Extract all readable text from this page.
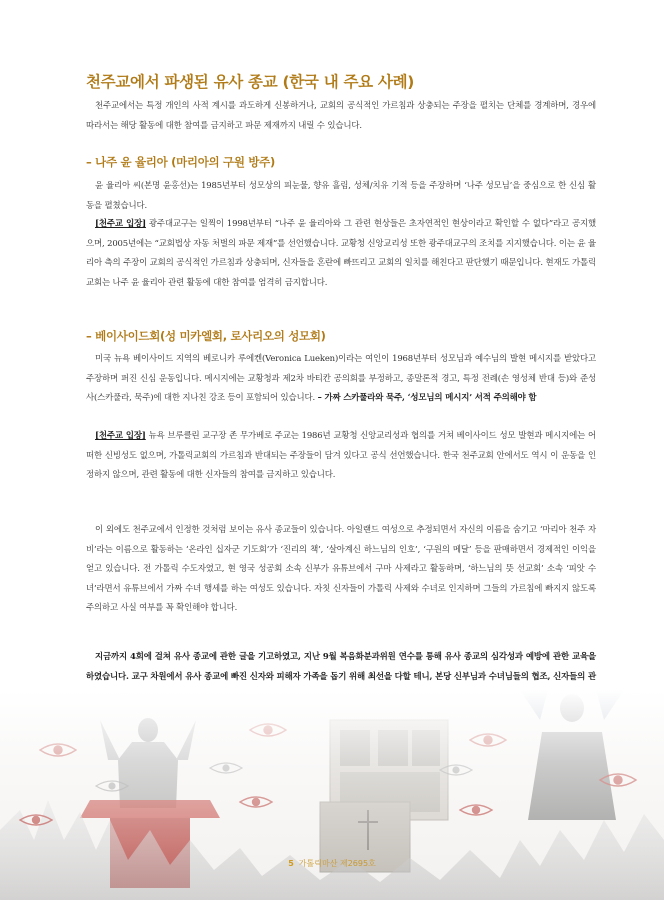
천주교에서 파생된 유사 종교 (한국 내 주요 사례)
천주교에서는 특정 개인의 사적 계시를 과도하게 신봉하거나, 교회의 공식적인 가르침과 상충되는 주장을 펼치는 단체를 경계하며, 경우에 따라서는 해당 활동에 대한 참여를 금지하고 파문 제재까지 내릴 수 있습니다.
– 나주 윤 율리아 (마리아의 구원 방주)
윤 율리아 씨(본명 윤홍선)는 1985년부터 성모상의 피눈물, 향유 흘림, 성체/치유 기적 등을 주장하며 ‘나주 성모님’을 중심으로 한 신심 활동을 펼쳤습니다.
[천주교 입장] 광주대교구는 일찍이 1998년부터 “나주 윤 율리아와 그 관련 현상들은 초자연적인 현상이라고 확인할 수 없다”라고 공지했으며, 2005년에는 “교회법상 자동 처벌의 파문 제재”를 선언했습니다. 교황청 신앙교리성 또한 광주대교구의 조치를 지지했습니다. 이는 윤 율리아 측의 주장이 교회의 공식적인 가르침과 상충되며, 신자들을 혼란에 빠뜨리고 교회의 일치를 해친다고 판단했기 때문입니다. 현재도 가톨릭교회는 나주 윤 율리아 관련 활동에 대한 참여를 엄격히 금지합니다.
– 베이사이드회(성 미카엘회, 로사리오의 성모회)
미국 뉴욕 베이사이드 지역의 베로니카 루에켄(Veronica Lueken)이라는 여인이 1968년부터 성모님과 예수님의 발현 메시지를 받았다고 주장하며 퍼진 신심 운동입니다. 메시지에는 교황청과 제2차 바티칸 공의회를 부정하고, 종말론적 경고, 특정 전례(손 영성체 반대 등)와 준성사(스카풀라, 묵주)에 대한 지나친 강조 등이 포함되어 있습니다. – 가짜 스카풀라와 묵주, ‘성모님의 메시지’ 서적 주의해야 함
[천주교 입장] 뉴욕 브루클린 교구장 존 무가베로 주교는 1986년 교황청 신앙교리성과 협의를 거쳐 베이사이드 성모 발현과 메시지에는 어떠한 신빙성도 없으며, 가톨릭교회의 가르침과 반대되는 주장들이 담겨 있다고 공식 선언했습니다. 한국 천주교회 안에서도 역시 이 운동을 인정하지 않으며, 관련 활동에 대한 신자들의 참여를 금지하고 있습니다.
이 외에도 천주교에서 인정한 것처럼 보이는 유사 종교들이 있습니다. 아일랜드 여성으로 추정되면서 자신의 이름을 숨기고 ‘마리아 천주 자비’라는 이름으로 활동하는 ‘온라인 십자군 기도회’가 ‘진리의 책’, ‘살아계신 하느님의 인호’, ‘구원의 메달’ 등을 판매하면서 경제적인 이익을 얻고 있습니다. 전 가톨릭 수도자였고, 현 영국 성공회 소속 신부가 유튜브에서 구마 사제라고 활동하며, ‘하느님의 뜻 선교회’ 소속 ‘피앗 수녀’라면서 유튜브에서 가짜 수녀 행세를 하는 여성도 있습니다. 자칫 신자들이 가톨릭 사제와 수녀로 인지하며 그들의 가르침에 빠지지 않도록 주의하고 사실 여부를 꼭 확인해야 합니다.
지금까지 4회에 걸쳐 유사 종교에 관한 글을 기고하였고, 지난 9월 복음화분과위원 연수를 통해 유사 종교의 심각성과 예방에 관한 교육을 하였습니다. 교구 차원에서 유사 종교에 빠진 신자와 피해자 가족을 돕기 위해 최선을 다할 테니, 본당 신부님과 수녀님들의 협조, 신자들의 관
5 가톨릭마산 제2695호
